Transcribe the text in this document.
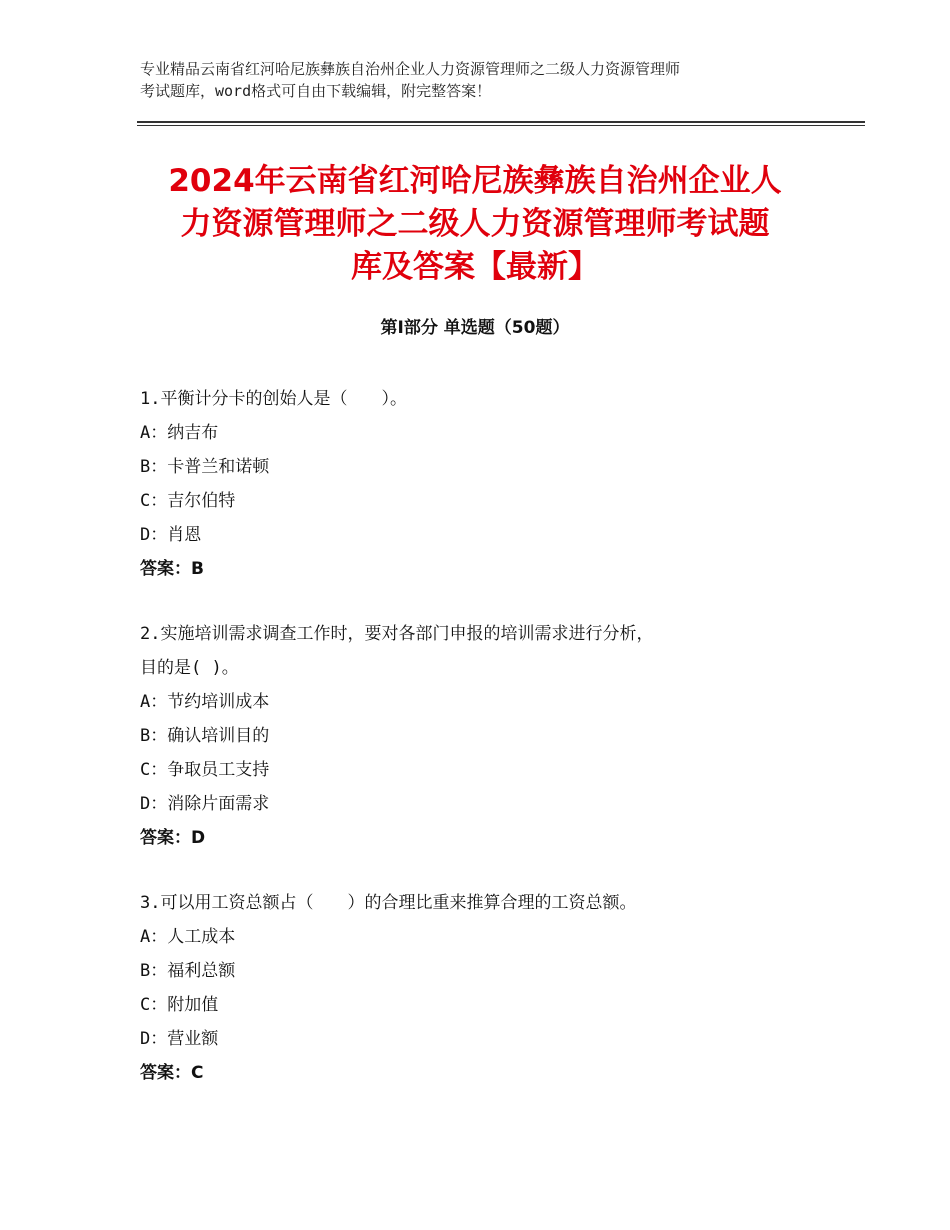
专业精品云南省红河哈尼族彝族自治州企业人力资源管理师之二级人力资源管理师
考试题库，word格式可自由下载编辑，附完整答案！
2024年云南省红河哈尼族彝族自治州企业人
力资源管理师之二级人力资源管理师考试题
库及答案【最新】
第Ⅰ部分 单选题（50题）
1.平衡计分卡的创始人是（　　）。
A：纳吉布
B：卡普兰和诺顿
C：吉尔伯特
D：肖恩
答案：B
2.实施培训需求调查工作时，要对各部门申报的培训需求进行分析，
目的是( )。
A：节约培训成本
B：确认培训目的
C：争取员工支持
D：消除片面需求
答案：D
3.可以用工资总额占（　　）的合理比重来推算合理的工资总额。
A：人工成本
B：福利总额
C：附加值
D：营业额
答案：C
